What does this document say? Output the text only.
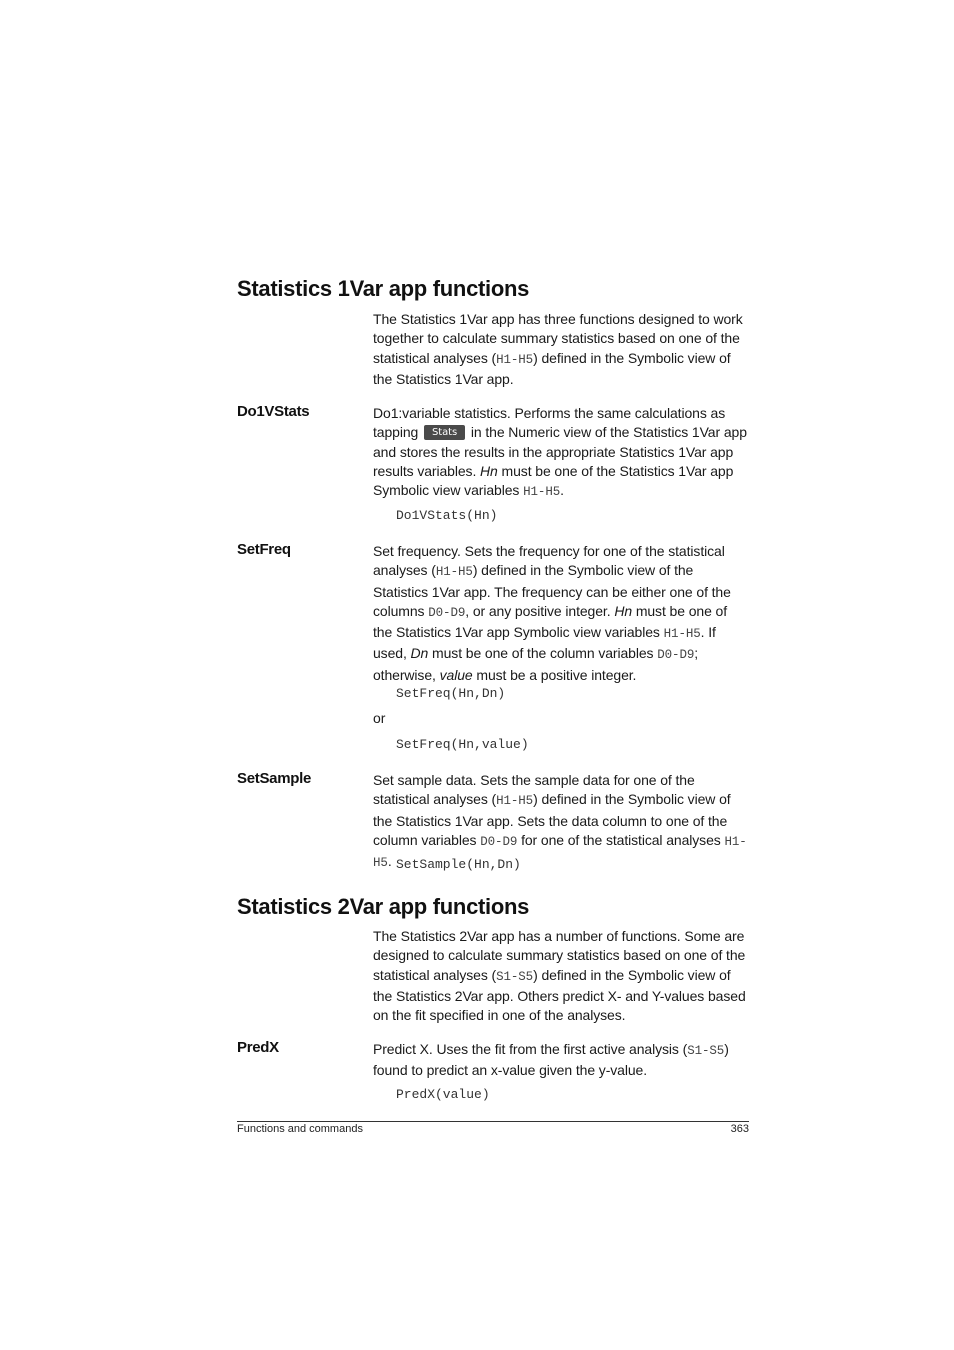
Statistics 1Var app functions
The Statistics 1Var app has three functions designed to work together to calculate summary statistics based on one of the statistical analyses (H1-H5) defined in the Symbolic view of the Statistics 1Var app.
Do1VStats	Do1:variable statistics. Performs the same calculations as tapping Stats in the Numeric view of the Statistics 1Var app and stores the results in the appropriate Statistics 1Var app results variables. Hn must be one of the Statistics 1Var app Symbolic view variables H1-H5.
Do1VStats(Hn)
SetFreq	Set frequency. Sets the frequency for one of the statistical analyses (H1-H5) defined in the Symbolic view of the Statistics 1Var app. The frequency can be either one of the columns D0-D9, or any positive integer. Hn must be one of the Statistics 1Var app Symbolic view variables H1-H5. If used, Dn must be one of the column variables D0-D9; otherwise, value must be a positive integer.
SetFreq(Hn,Dn)
or
SetFreq(Hn,value)
SetSample	Set sample data. Sets the sample data for one of the statistical analyses (H1-H5) defined in the Symbolic view of the Statistics 1Var app. Sets the data column to one of the column variables D0-D9 for one of the statistical analyses H1-H5. SetSample(Hn,Dn)
Statistics 2Var app functions
The Statistics 2Var app has a number of functions. Some are designed to calculate summary statistics based on one of the statistical analyses (S1-S5) defined in the Symbolic view of the Statistics 2Var app. Others predict X- and Y-values based on the fit specified in one of the analyses.
PredX	Predict X. Uses the fit from the first active analysis (S1-S5) found to predict an x-value given the y-value.
PredX(value)
Functions and commands	363
